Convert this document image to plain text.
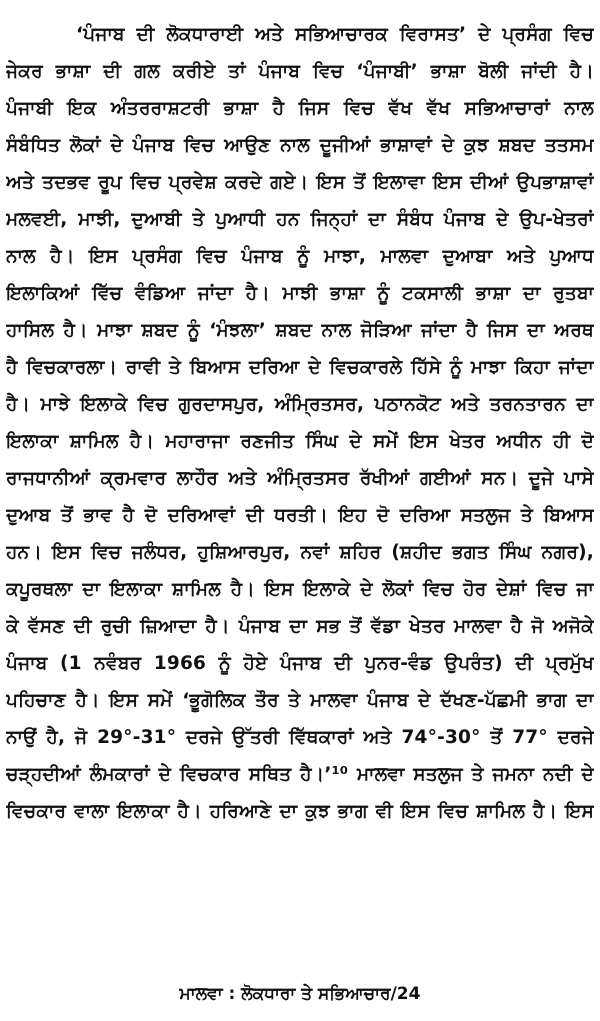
‘ਪੰਜਾਬ ਦੀ ਲੋਕਧਾਰਾਈ ਅਤੇ ਸਭਿਆਚਾਰਕ ਵਿਰਾਸਤ’ ਦੇ ਪ੍ਰਸੰਗ ਵਿਚ
ਜੇਕਰ ਭਾਸ਼ਾ ਦੀ ਗਲ ਕਰੀਏ ਤਾਂ ਪੰਜਾਬ ਵਿਚ ‘ਪੰਜਾਬੀ’ ਭਾਸ਼ਾ ਬੋਲੀ ਜਾਂਦੀ ਹੈ।
ਪੰਜਾਬੀ ਇਕ ਅੰਤਰਰਾਸ਼ਟਰੀ ਭਾਸ਼ਾ ਹੈ ਜਿਸ ਵਿਚ ਵੱਖ ਵੱਖ ਸਭਿਆਚਾਰਾਂ ਨਾਲ
ਸੰਬੰਧਿਤ ਲੋਕਾਂ ਦੇ ਪੰਜਾਬ ਵਿਚ ਆਉਣ ਨਾਲ ਦੂਜੀਆਂ ਭਾਸ਼ਾਵਾਂ ਦੇ ਕੁਝ ਸ਼ਬਦ ਤਤਸਮ
ਅਤੇ ਤਦਭਵ ਰੂਪ ਵਿਚ ਪ੍ਰਵੇਸ਼ ਕਰਦੇ ਗਏ। ਇਸ ਤੋਂ ਇਲਾਵਾ ਇਸ ਦੀਆਂ ਉਪਭਾਸ਼ਾਵਾਂ
ਮਲਵਈ, ਮਾਝੀ, ਦੁਆਬੀ ਤੇ ਪੁਆਧੀ ਹਨ ਜਿਨ੍ਹਾਂ ਦਾ ਸੰਬੰਧ ਪੰਜਾਬ ਦੇ ਉਪ-ਖੇਤਰਾਂ
ਨਾਲ ਹੈ। ਇਸ ਪ੍ਰਸੰਗ ਵਿਚ ਪੰਜਾਬ ਨੂੰ ਮਾਝਾ, ਮਾਲਵਾ ਦੁਆਬਾ ਅਤੇ ਪੁਆਧ
ਇਲਾਕਿਆਂ ਵਿੱਚ ਵੰਡਿਆ ਜਾਂਦਾ ਹੈ। ਮਾਝੀ ਭਾਸ਼ਾ ਨੂੰ ਟਕਸਾਲੀ ਭਾਸ਼ਾ ਦਾ ਰੁਤਬਾ
ਹਾਸਿਲ ਹੈ। ਮਾਝਾ ਸ਼ਬਦ ਨੂੰ ‘ਮੰਝਲਾ’ ਸ਼ਬਦ ਨਾਲ ਜੋੜਿਆ ਜਾਂਦਾ ਹੈ ਜਿਸ ਦਾ ਅਰਥ
ਹੈ ਵਿਚਕਾਰਲਾ। ਰਾਵੀ ਤੇ ਬਿਆਸ ਦਰਿਆ ਦੇ ਵਿਚਕਾਰਲੇ ਹਿੱਸੇ ਨੂੰ ਮਾਝਾ ਕਿਹਾ ਜਾਂਦਾ
ਹੈ। ਮਾਝੇ ਇਲਾਕੇ ਵਿਚ ਗੁਰਦਾਸਪੁਰ, ਅੰਮ੍ਰਿਤਸਰ, ਪਠਾਨਕੋਟ ਅਤੇ ਤਰਨਤਾਰਨ ਦਾ
ਇਲਾਕਾ ਸ਼ਾਮਿਲ ਹੈ। ਮਹਾਰਾਜਾ ਰਣਜੀਤ ਸਿੰਘ ਦੇ ਸਮੇਂ ਇਸ ਖੇਤਰ ਅਧੀਨ ਹੀ ਦੋ
ਰਾਜਧਾਨੀਆਂ ਕ੍ਰਮਵਾਰ ਲਾਹੌਰ ਅਤੇ ਅੰਮ੍ਰਿਤਸਰ ਰੱਖੀਆਂ ਗਈਆਂ ਸਨ। ਦੂਜੇ ਪਾਸੇ
ਦੁਆਬ ਤੋਂ ਭਾਵ ਹੈ ਦੋ ਦਰਿਆਵਾਂ ਦੀ ਧਰਤੀ। ਇਹ ਦੋ ਦਰਿਆ ਸਤਲੁਜ ਤੇ ਬਿਆਸ
ਹਨ। ਇਸ ਵਿਚ ਜਲੰਧਰ, ਹੁਸ਼ਿਆਰਪੁਰ, ਨਵਾਂ ਸ਼ਹਿਰ (ਸ਼ਹੀਦ ਭਗਤ ਸਿੰਘ ਨਗਰ),
ਕਪੂਰਥਲਾ ਦਾ ਇਲਾਕਾ ਸ਼ਾਮਿਲ ਹੈ। ਇਸ ਇਲਾਕੇ ਦੇ ਲੋਕਾਂ ਵਿਚ ਹੋਰ ਦੇਸ਼ਾਂ ਵਿਚ ਜਾ
ਕੇ ਵੱਸਣ ਦੀ ਰੁਚੀ ਜ਼ਿਆਦਾ ਹੈ। ਪੰਜਾਬ ਦਾ ਸਭ ਤੋਂ ਵੱਡਾ ਖੇਤਰ ਮਾਲਵਾ ਹੈ ਜੋ ਅਜੋਕੇ
ਪੰਜਾਬ (1 ਨਵੰਬਰ 1966 ਨੂੰ ਹੋਏ ਪੰਜਾਬ ਦੀ ਪੁਨਰ-ਵੰਡ ਉਪਰੰਤ) ਦੀ ਪ੍ਰਮੁੱਖ
ਪਹਿਚਾਣ ਹੈ। ਇਸ ਸਮੇਂ ‘ਭੂਗੋਲਿਕ ਤੌਰ ਤੇ ਮਾਲਵਾ ਪੰਜਾਬ ਦੇ ਦੱਖਣ-ਪੱਛਮੀ ਭਾਗ ਦਾ
ਨਾਉਂ ਹੈ, ਜੋ 29°-31° ਦਰਜੇ ਉੱਤਰੀ ਵਿੱਥਕਾਰਾਂ ਅਤੇ 74°-30° ਤੋਂ 77° ਦਰਜੇ
ਚੜ੍ਹਦੀਆਂ ਲੰਮਕਾਰਾਂ ਦੇ ਵਿਚਕਾਰ ਸਥਿਤ ਹੈ।’¹⁰ ਮਾਲਵਾ ਸਤਲੁਜ ਤੇ ਜਮਨਾ ਨਦੀ ਦੇ
ਵਿਚਕਾਰ ਵਾਲਾ ਇਲਾਕਾ ਹੈ। ਹਰਿਆਣੇ ਦਾ ਕੁਝ ਭਾਗ ਵੀ ਇਸ ਵਿਚ ਸ਼ਾਮਿਲ ਹੈ। ਇਸ
ਮਾਲਵਾ : ਲੋਕਧਾਰਾ ਤੇ ਸਭਿਆਚਾਰ/24
